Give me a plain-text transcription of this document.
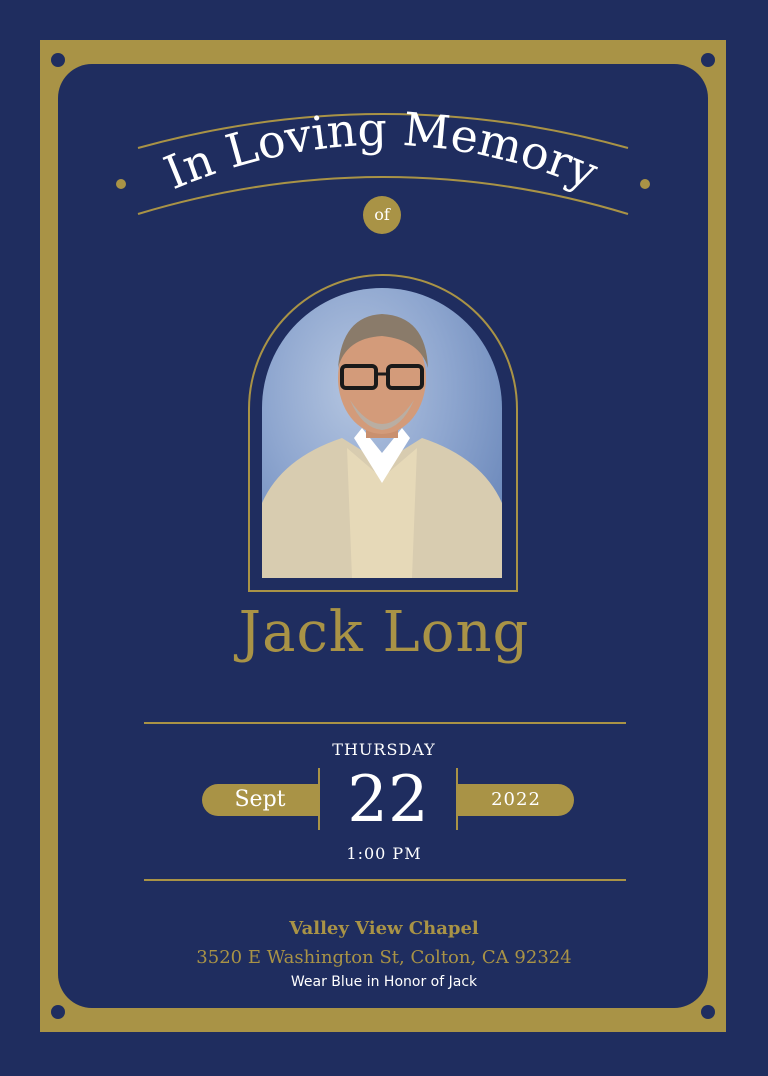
In Loving Memory
of
Jack Long
THURSDAY
Sept 22	2022
1:00 PM
Valley View Chapel
3520 E Washington St, Colton, CA 92324
Wear Blue in Honor of Jack
